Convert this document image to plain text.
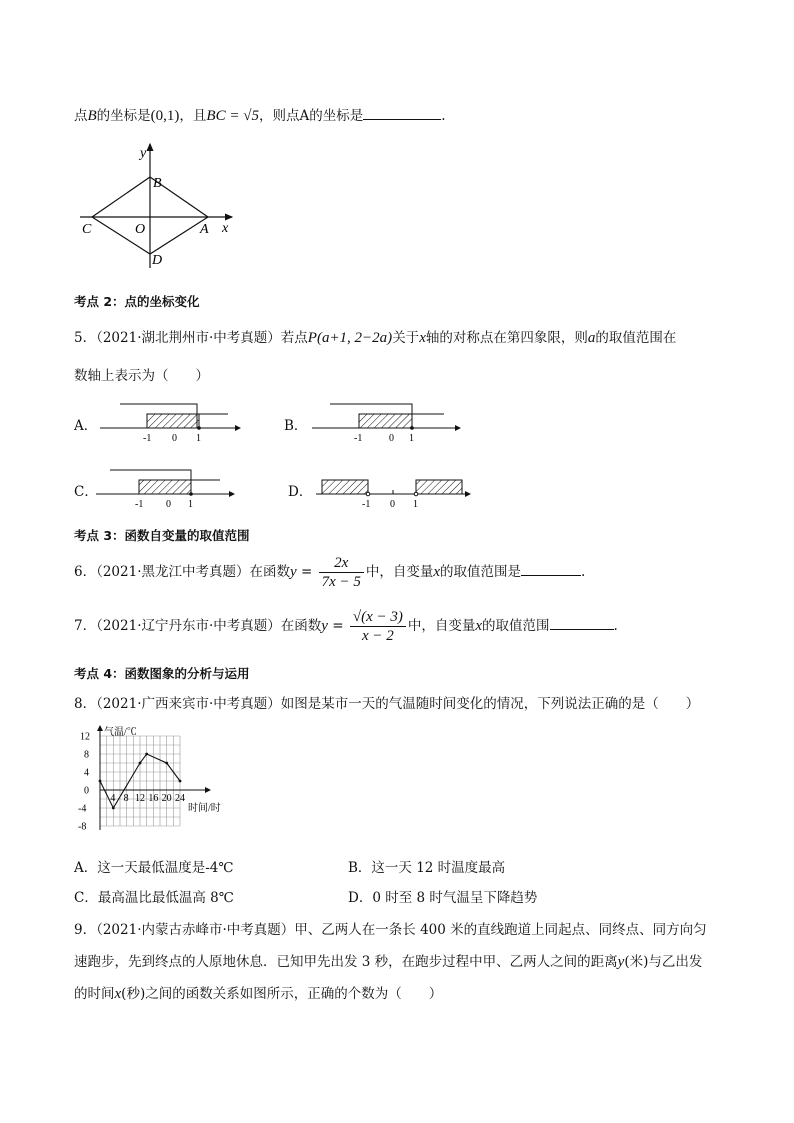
点B的坐标是(0,1)，且BC = √5，则点A的坐标是	.
y
B
O
C	A x
D
考点 2：点的坐标变化
5．（2021·湖北荆州市·中考真题）若点P(a+1, 2−2a)关于x轴的对称点在第四象限，则a的取值范围在
数轴上表示为（　　）
A．
-1 0 1
B．
-1	0 1
C．
-1 0 1
D．
-1 0 1
考点 3：函数自变量的取值范围
6．（2021·黑龙江中考真题）在函数$y = \frac{2x}{7x - 5}$ 中，自变量x的取值范围是	.
7．（2021·辽宁丹东市·中考真题）在函数$y = \frac{√(x - 3)}{x - 2}$ 中，自变量x的取值范围	.
考点 4：函数图象的分析与运用
8．（2021·广西来宾市·中考真题）如图是某市一天的气温随时间变化的情况，下列说法正确的是（　　）
气温/℃
时间/时
4 8 12 16 20 24
12
8
4
0
-4
-8
A．这一天最低温度是-4℃	B．这一天 12 时温度最高
C．最高温比最低温高 8℃	D．0 时至 8 时气温呈下降趋势
9．（2021·内蒙古赤峰市·中考真题）甲、乙两人在一条长 400 米的直线跑道上同起点、同终点、同方向匀
速跑步，先到终点的人原地休息．已知甲先出发 3 秒，在跑步过程中甲、乙两人之间的距离y(米)与乙出发
的时间x(秒)之间的函数关系如图所示，正确的个数为（　　）
